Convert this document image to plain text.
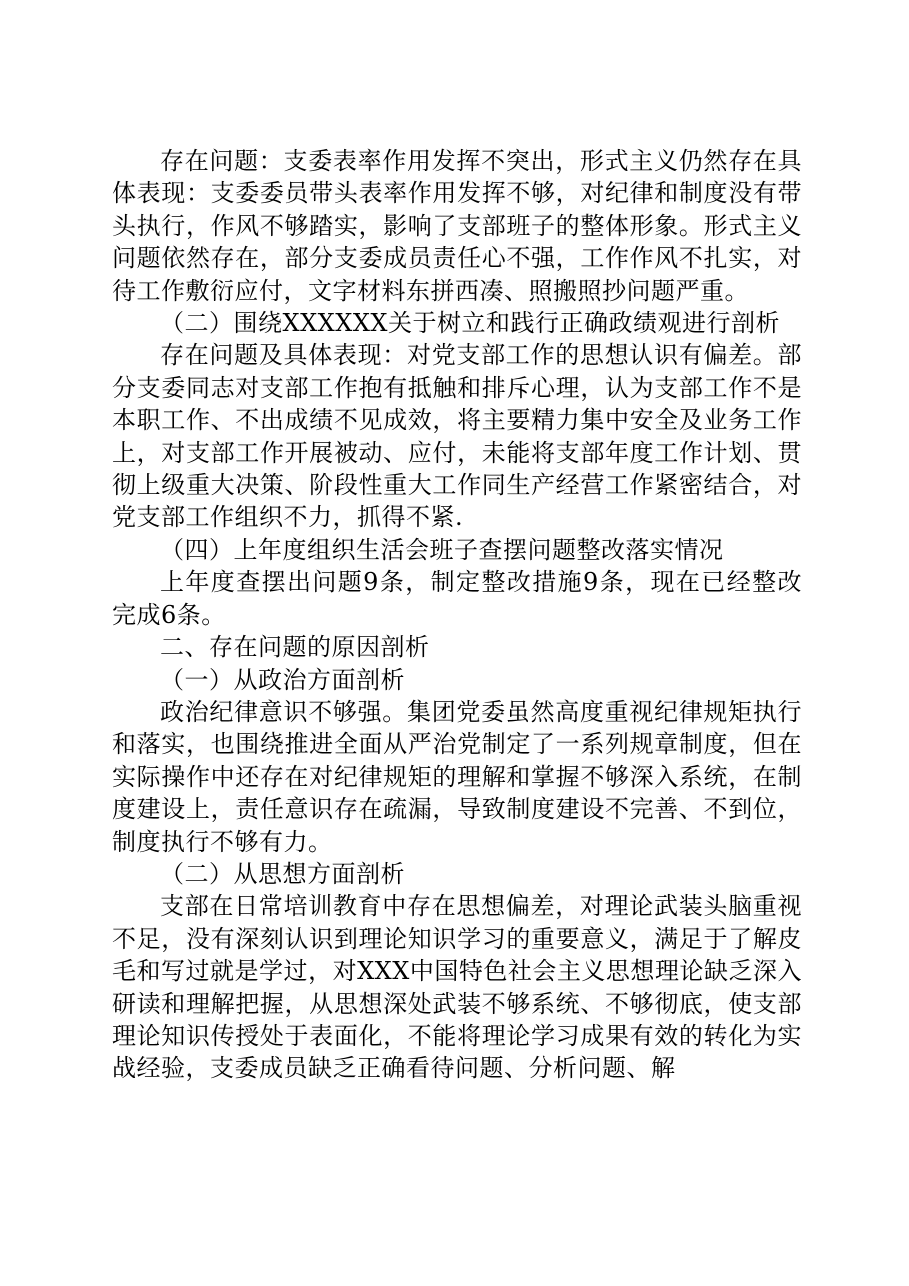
存在问题：支委表率作用发挥不突出，形式主义仍然存在具体表现：支委委员带头表率作用发挥不够，对纪律和制度没有带头执行，作风不够踏实，影响了支部班子的整体形象。形式主义问题依然存在，部分支委成员责任心不强，工作作风不扎实，对待工作敷衍应付，文字材料东拼西凑、照搬照抄问题严重。

（二）围绕XXXXXX关于树立和践行正确政绩观进行剖析

存在问题及具体表现：对党支部工作的思想认识有偏差。部分支委同志对支部工作抱有抵触和排斥心理，认为支部工作不是本职工作、不出成绩不见成效，将主要精力集中安全及业务工作上，对支部工作开展被动、应付，未能将支部年度工作计划、贯彻上级重大决策、阶段性重大工作同生产经营工作紧密结合，对党支部工作组织不力，抓得不紧.

（四）上年度组织生活会班子查摆问题整改落实情况

上年度查摆出问题9条，制定整改措施9条，现在已经整改完成6条。

二、存在问题的原因剖析

（一）从政治方面剖析

政治纪律意识不够强。集团党委虽然高度重视纪律规矩执行和落实，也围绕推进全面从严治党制定了一系列规章制度，但在实际操作中还存在对纪律规矩的理解和掌握不够深入系统，在制度建设上，责任意识存在疏漏，导致制度建设不完善、不到位，制度执行不够有力。

（二）从思想方面剖析

支部在日常培训教育中存在思想偏差，对理论武装头脑重视不足，没有深刻认识到理论知识学习的重要意义，满足于了解皮毛和写过就是学过，对XXX中国特色社会主义思想理论缺乏深入研读和理解把握，从思想深处武装不够系统、不够彻底，使支部理论知识传授处于表面化，不能将理论学习成果有效的转化为实战经验，支委成员缺乏正确看待问题、分析问题、解
